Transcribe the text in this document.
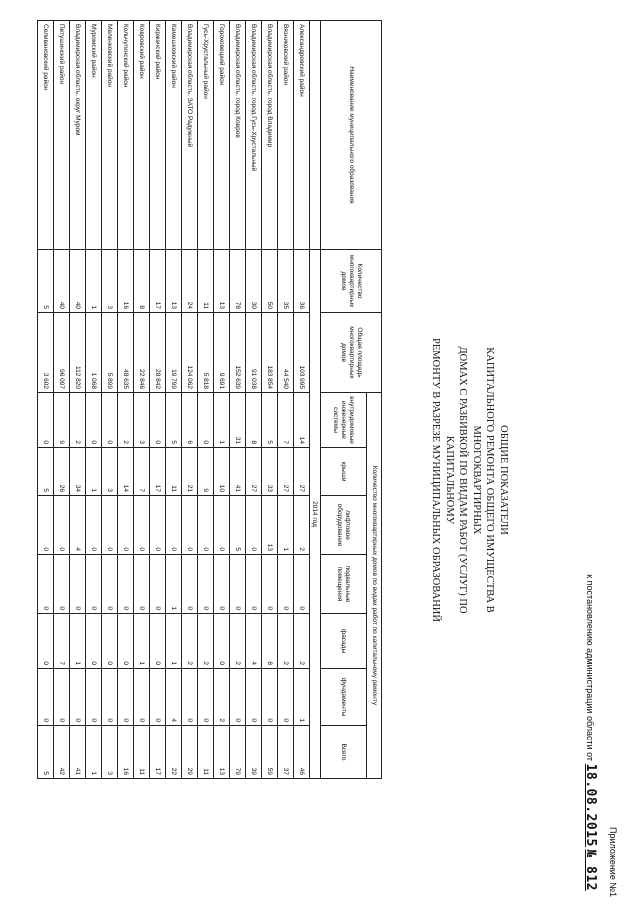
Приложение №1
к постановлению администрации области от 18.08.2015 № 812
ОБЩИЕ ПОКАЗАТЕЛИ
КАПИТАЛЬНОГО РЕМОНТА ОБЩЕГО ИМУЩЕСТВА В МНОГОКВАРТИРНЫХ
ДОМАХ С РАЗБИВКОЙ ПО ВИДАМ РАБОТ (УСЛУГ) ПО КАПИТАЛЬНОМУ
РЕМОНТУ В РАЗРЕЗЕ МУНИЦИПАЛЬНЫХ ОБРАЗОВАНИЙ
Наименование муниципального образования	Количество многоквартирных домов	Общая площадь многоквартирных домов	Количество многоквартирных домов по видам работ по капитальному ремонту						
			внутридомовые инженерные системы	крыши	лифтовое оборудование	подвальные помещения	фасады	фундаменты	Всего
	2014 год								
Александровский район	36	103 995	14	27	2	0	2	1	46
Вязниковский район	35	44 540	7	27	1	0	2	0	37
Владимирская область, город Владимир	50	183 854	5	33	13	0	8	0	59
Владимирская область, город Гусь-Хрустальный	30	91 038	8	27	0	0	4	0	39
Владимирская область, город Ковров	78	152 639	31	41	5	0	2	0	79
Гороховецкий район	13	9 691	1	10	0	0	0	2	13
Гусь-Хрустальный район	11	5 818	0	9	0	0	2	0	11
Владимирская область, ЗАТО Радужный	24	124 062	6	21	0	0	2	0	29
Камешковский район	13	19 799	5	11	0	1	1	4	22
Киржачский район	17	28 842	0	17	0	0	0	0	17
Ковровский район	8	22 846	3	7	0	0	1	0	11
Кольчугинский район	16	48 635	2	14	0	0	0	0	16
Меленковский район	3	5 899	0	3	0	0	0	0	3
Муромский район	1	1 068	0	1	0	0	0	0	1
Владимирская область, округ Муром	40	112 820	2	34	4	0	1	0	41
Петушинский район	40	96 097	9	26	0	0	7	0	42
Селивановский район	5	3 602	0	5	0	0	0	0	5
